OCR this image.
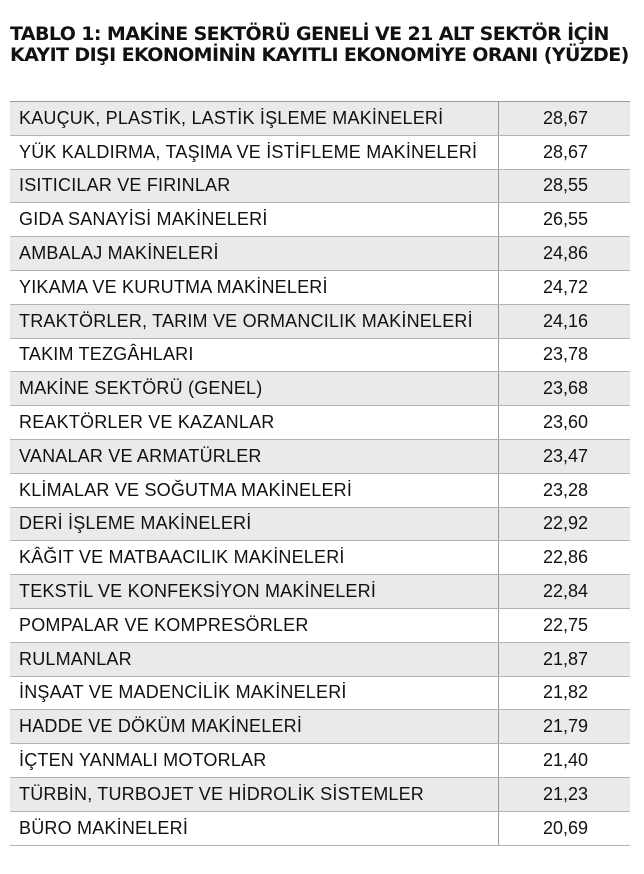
TABLO 1: MAKİNE SEKTÖRÜ GENELİ VE 21 ALT SEKTÖR İÇİN KAYIT DIŞI EKONOMİNİN KAYITLI EKONOMİYE ORANI (YÜZDE)
KAUÇUK, PLASTİK, LASTİK İŞLEME MAKİNELERİ	28,67
YÜK KALDIRMA, TAŞIMA VE İSTİFLEME MAKİNELERİ	28,67
ISITICILAR VE FIRINLAR	28,55
GIDA SANAYİSİ MAKİNELERİ	26,55
AMBALAJ MAKİNELERİ	24,86
YIKAMA VE KURUTMA MAKİNELERİ	24,72
TRAKTÖRLER, TARIM VE ORMANCILIK MAKİNELERİ	24,16
TAKIM TEZGÂHLARI	23,78
MAKİNE SEKTÖRÜ (GENEL)	23,68
REAKTÖRLER VE KAZANLAR	23,60
VANALAR VE ARMATÜRLER	23,47
KLİMALAR VE SOĞUTMA MAKİNELERİ	23,28
DERİ İŞLEME MAKİNELERİ	22,92
KÂĞIT VE MATBAACILIK MAKİNELERİ	22,86
TEKSTİL VE KONFEKSİYON MAKİNELERİ	22,84
POMPALAR VE KOMPRESÖRLER	22,75
RULMANLAR	21,87
İNŞAAT VE MADENCİLİK MAKİNELERİ	21,82
HADDE VE DÖKÜM MAKİNELERİ	21,79
İÇTEN YANMALI MOTORLAR	21,40
TÜRBİN, TURBOJET VE HİDROLİK SİSTEMLER	21,23
BÜRO MAKİNELERİ	20,69
